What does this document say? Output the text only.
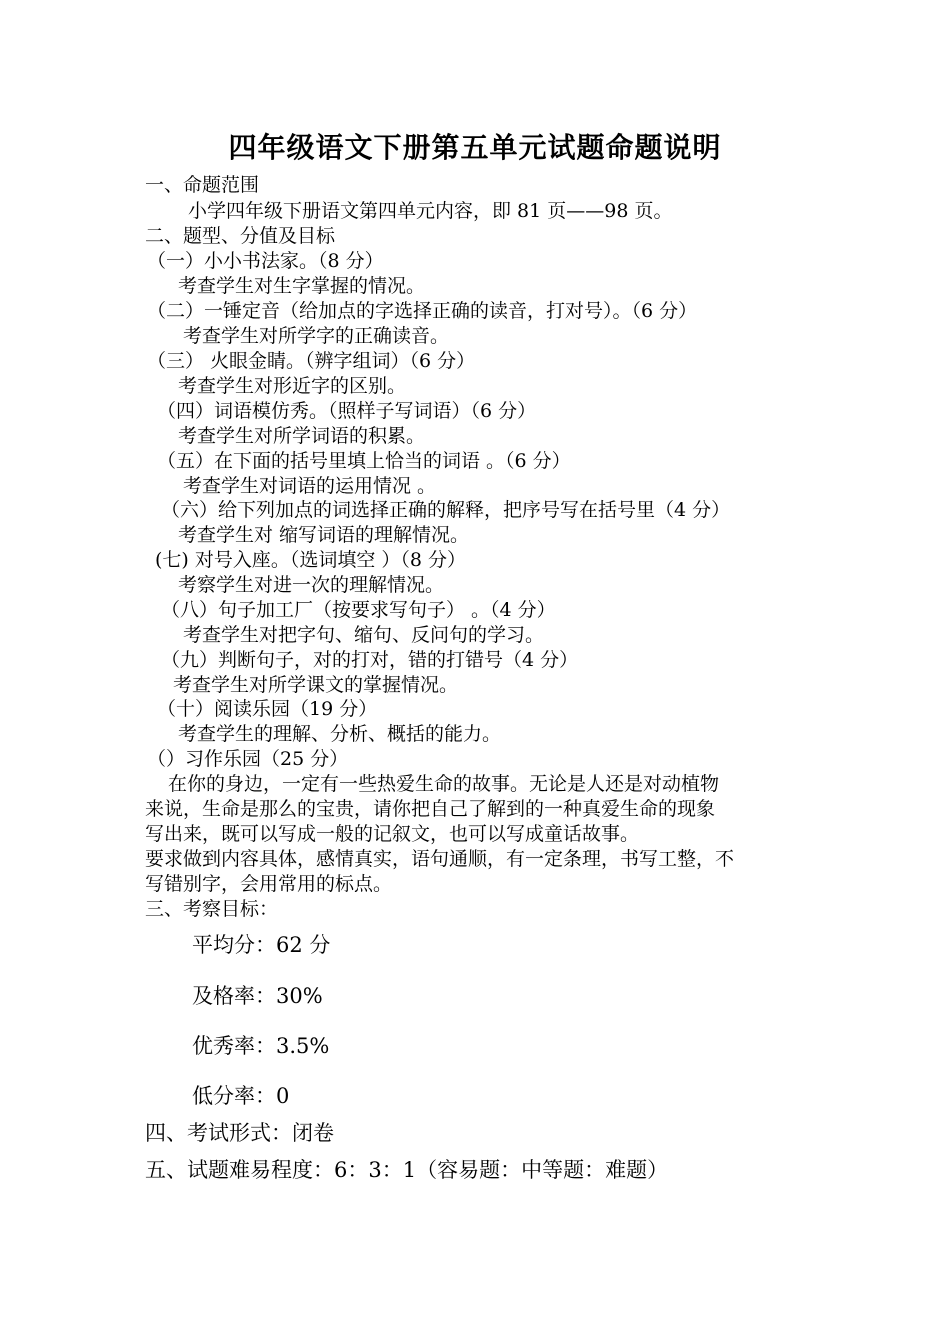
四年级语文下册第五单元试题命题说明
一、命题范围
小学四年级下册语文第四单元内容，即 81 页——98 页。
二、题型、分值及目标
（一）小小书法家。（8 分）
考查学生对生字掌握的情况。
（二）一锤定音（给加点的字选择正确的读音，打对号）。（6 分）
考查学生对所学字的正确读音。
（三） 火眼金睛。（辨字组词）（6 分）
考查学生对形近字的区别。
（四）词语模仿秀。（照样子写词语）（6 分）
考查学生对所学词语的积累。
（五）在下面的括号里填上恰当的词语 。（6 分）
考查学生对词语的运用情况 。
（六）给下列加点的词选择正确的解释，把序号写在括号里（4 分）
考查学生对 缩写词语的理解情况。
(七) 对号入座。（选词填空 ）（8 分）
考察学生对进一次的理解情况。
（八）句子加工厂（按要求写句子） 。（4 分）
考查学生对把字句、缩句、反问句的学习。
（九）判断句子，对的打对，错的打错号（4 分）
考查学生对所学课文的掌握情况。
（十）阅读乐园（19 分）
考查学生的理解、分析、概括的能力。
（）习作乐园（25 分）
在你的身边，一定有一些热爱生命的故事。无论是人还是对动植物
来说，生命是那么的宝贵，请你把自己了解到的一种真爱生命的现象
写出来，既可以写成一般的记叙文，也可以写成童话故事。
要求做到内容具体，感情真实，语句通顺，有一定条理，书写工整，不
写错别字，会用常用的标点。
三、考察目标：
平均分：62 分
及格率：30%
优秀率：3.5%
低分率：0
四、考试形式：闭卷
五、试题难易程度：6：3：1（容易题：中等题：难题）
